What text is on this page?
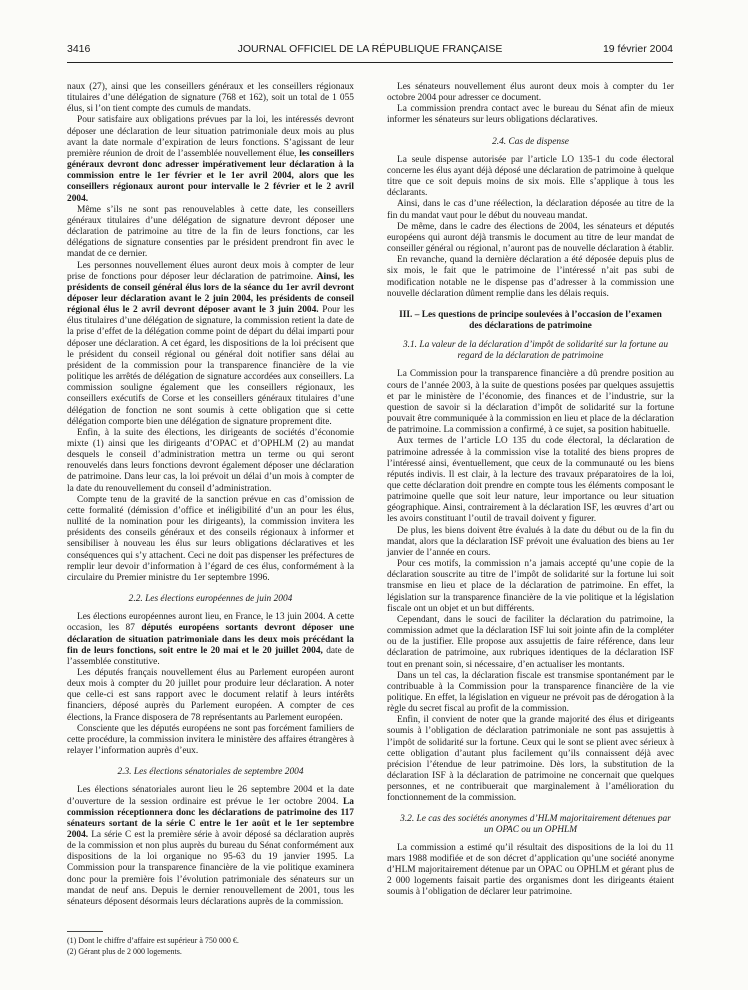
3416	JOURNAL OFFICIEL DE LA RÉPUBLIQUE FRANÇAISE	19 février 2004

naux (27), ainsi que les conseillers généraux et les conseillers régionaux titulaires d’une délégation de signature (768 et 162), soit un total de 1 055 élus, si l’on tient compte des cumuls de mandats.

Pour satisfaire aux obligations prévues par la loi, les intéressés devront déposer une déclaration de leur situation patrimoniale deux mois au plus avant la date normale d’expiration de leurs fonctions. S’agissant de leur première réunion de droit de l’assemblée nouvellement élue, les conseillers généraux devront donc adresser impérativement leur déclaration à la commission entre le 1er février et le 1er avril 2004, alors que les conseillers régionaux auront pour intervalle le 2 février et le 2 avril 2004.

Même s’ils ne sont pas renouvelables à cette date, les conseillers généraux titulaires d’une délégation de signature devront déposer une déclaration de patrimoine au titre de la fin de leurs fonctions, car les délégations de signature consenties par le président prendront fin avec le mandat de ce dernier.

Les personnes nouvellement élues auront deux mois à compter de leur prise de fonctions pour déposer leur déclaration de patrimoine. Ainsi, les présidents de conseil général élus lors de la séance du 1er avril devront déposer leur déclaration avant le 2 juin 2004, les présidents de conseil régional élus le 2 avril devront déposer avant le 3 juin 2004. Pour les élus titulaires d’une délégation de signature, la commission retient la date de la prise d’effet de la délégation comme point de départ du délai imparti pour déposer une déclaration. A cet égard, les dispositions de la loi précisent que le président du conseil régional ou général doit notifier sans délai au président de la commission pour la transparence financière de la vie politique les arrêtés de délégation de signature accordées aux conseillers. La commission souligne également que les conseillers régionaux, les conseillers exécutifs de Corse et les conseillers généraux titulaires d’une délégation de fonction ne sont soumis à cette obligation que si cette délégation comporte bien une délégation de signature proprement dite.

Enfin, à la suite des élections, les dirigeants de sociétés d’économie mixte (1) ainsi que les dirigeants d’OPAC et d’OPHLM (2) au mandat desquels le conseil d’administration mettra un terme ou qui seront renouvelés dans leurs fonctions devront également déposer une déclaration de patrimoine. Dans leur cas, la loi prévoit un délai d’un mois à compter de la date du renouvellement du conseil d’administration.

Compte tenu de la gravité de la sanction prévue en cas d’omission de cette formalité (démission d’office et inéligibilité d’un an pour les élus, nullité de la nomination pour les dirigeants), la commission invitera les présidents des conseils généraux et des conseils régionaux à informer et sensibiliser à nouveau les élus sur leurs obligations déclaratives et les conséquences qui s’y attachent. Ceci ne doit pas dispenser les préfectures de remplir leur devoir d’information à l’égard de ces élus, conformément à la circulaire du Premier ministre du 1er septembre 1996.

2.2. Les élections européennes de juin 2004

Les élections européennes auront lieu, en France, le 13 juin 2004. A cette occasion, les 87 députés européens sortants devront déposer une déclaration de situation patrimoniale dans les deux mois précédant la fin de leurs fonctions, soit entre le 20 mai et le 20 juillet 2004, date de l’assemblée constitutive.

Les députés français nouvellement élus au Parlement européen auront deux mois à compter du 20 juillet pour produire leur déclaration. A noter que celle-ci est sans rapport avec le document relatif à leurs intérêts financiers, déposé auprès du Parlement européen. A compter de ces élections, la France disposera de 78 représentants au Parlement européen.

Consciente que les députés européens ne sont pas forcément familiers de cette procédure, la commission invitera le ministère des affaires étrangères à relayer l’information auprès d’eux.

2.3. Les élections sénatoriales de septembre 2004

Les élections sénatoriales auront lieu le 26 septembre 2004 et la date d’ouverture de la session ordinaire est prévue le 1er octobre 2004. La commission réceptionnera donc les déclarations de patrimoine des 117 sénateurs sortant de la série C entre le 1er août et le 1er septembre 2004. La série C est la première série à avoir déposé sa déclaration auprès de la commission et non plus auprès du bureau du Sénat conformément aux dispositions de la loi organique no 95-63 du 19 janvier 1995. La Commission pour la transparence financière de la vie politique examinera donc pour la première fois l’évolution patrimoniale des sénateurs sur un mandat de neuf ans. Depuis le dernier renouvellement de 2001, tous les sénateurs déposent désormais leurs déclarations auprès de la commission.

Les sénateurs nouvellement élus auront deux mois à compter du 1er octobre 2004 pour adresser ce document.

La commission prendra contact avec le bureau du Sénat afin de mieux informer les sénateurs sur leurs obligations déclaratives.

2.4. Cas de dispense

La seule dispense autorisée par l’article LO 135-1 du code électoral concerne les élus ayant déjà déposé une déclaration de patrimoine à quelque titre que ce soit depuis moins de six mois. Elle s’applique à tous les déclarants.

Ainsi, dans le cas d’une réélection, la déclaration déposée au titre de la fin du mandat vaut pour le début du nouveau mandat.

De même, dans le cadre des élections de 2004, les sénateurs et députés européens qui auront déjà transmis le document au titre de leur mandat de conseiller général ou régional, n’auront pas de nouvelle déclaration à établir.

En revanche, quand la dernière déclaration a été déposée depuis plus de six mois, le fait que le patrimoine de l’intéressé n’ait pas subi de modification notable ne le dispense pas d’adresser à la commission une nouvelle déclaration dûment remplie dans les délais requis.

III. – Les questions de principe soulevées à l’occasion de l’examen des déclarations de patrimoine

3.1. La valeur de la déclaration d’impôt de solidarité sur la fortune au regard de la déclaration de patrimoine

La Commission pour la transparence financière a dû prendre position au cours de l’année 2003, à la suite de questions posées par quelques assujettis et par le ministère de l’économie, des finances et de l’industrie, sur la question de savoir si la déclaration d’impôt de solidarité sur la fortune pouvait être communiquée à la commission en lieu et place de la déclaration de patrimoine. La commission a confirmé, à ce sujet, sa position habituelle.

Aux termes de l’article LO 135 du code électoral, la déclaration de patrimoine adressée à la commission vise la totalité des biens propres de l’intéressé ainsi, éventuellement, que ceux de la communauté ou les biens réputés indivis. Il est clair, à la lecture des travaux préparatoires de la loi, que cette déclaration doit prendre en compte tous les éléments composant le patrimoine quelle que soit leur nature, leur importance ou leur situation géographique. Ainsi, contrairement à la déclaration ISF, les œuvres d’art ou les avoirs constituant l’outil de travail doivent y figurer.

De plus, les biens doivent être évalués à la date du début ou de la fin du mandat, alors que la déclaration ISF prévoit une évaluation des biens au 1er janvier de l’année en cours.

Pour ces motifs, la commission n’a jamais accepté qu’une copie de la déclaration souscrite au titre de l’impôt de solidarité sur la fortune lui soit transmise en lieu et place de la déclaration de patrimoine. En effet, la législation sur la transparence financière de la vie politique et la législation fiscale ont un objet et un but différents.

Cependant, dans le souci de faciliter la déclaration du patrimoine, la commission admet que la déclaration ISF lui soit jointe afin de la compléter ou de la justifier. Elle propose aux assujettis de faire référence, dans leur déclaration de patrimoine, aux rubriques identiques de la déclaration ISF tout en prenant soin, si nécessaire, d’en actualiser les montants.

Dans un tel cas, la déclaration fiscale est transmise spontanément par le contribuable à la Commission pour la transparence financière de la vie politique. En effet, la législation en vigueur ne prévoit pas de dérogation à la règle du secret fiscal au profit de la commission.

Enfin, il convient de noter que la grande majorité des élus et dirigeants soumis à l’obligation de déclaration patrimoniale ne sont pas assujettis à l’impôt de solidarité sur la fortune. Ceux qui le sont se plient avec sérieux à cette obligation d’autant plus facilement qu’ils connaissent déjà avec précision l’étendue de leur patrimoine. Dès lors, la substitution de la déclaration ISF à la déclaration de patrimoine ne concernait que quelques personnes, et ne contribuerait que marginalement à l’amélioration du fonctionnement de la commission.

3.2. Le cas des sociétés anonymes d’HLM majoritairement détenues par un OPAC ou un OPHLM

La commission a estimé qu’il résultait des dispositions de la loi du 11 mars 1988 modifiée et de son décret d’application qu’une société anonyme d’HLM majoritairement détenue par un OPAC ou OPHLM et gérant plus de 2 000 logements faisait partie des organismes dont les dirigeants étaient soumis à l’obligation de déclarer leur patrimoine.

(1) Dont le chiffre d’affaire est supérieur à 750 000 €.
(2) Gérant plus de 2 000 logements.
